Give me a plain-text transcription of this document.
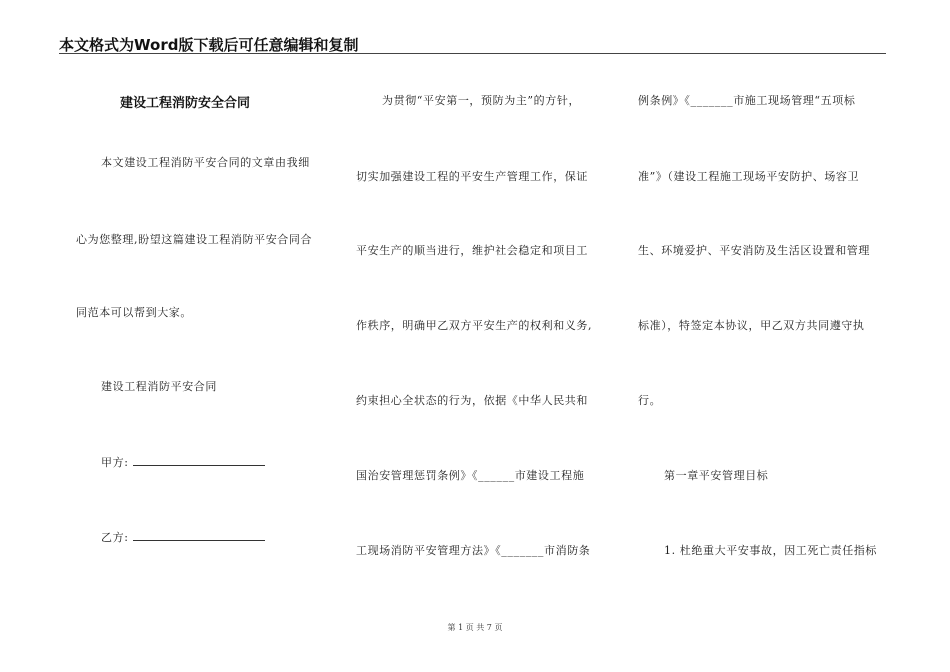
本文格式为Word版下载后可任意编辑和复制
建设工程消防安全合同
本文建设工程消防平安合同的文章由我细
心为您整理,盼望这篇建设工程消防平安合同合
同范本可以帮到大家。
建设工程消防平安合同
甲方:
乙方:
为贯彻“平安第一，预防为主”的方针，
切实加强建设工程的平安生产管理工作，保证
平安生产的顺当进行，维护社会稳定和项目工
作秩序，明确甲乙双方平安生产的权利和义务,
约束担心全状态的行为，依据《中华人民共和
国治安管理惩罚条例》《______市建设工程施
工现场消防平安管理方法》《_______市消防条
例条例》《_______市施工现场管理“五项标
准”》（建设工程施工现场平安防护、场容卫
生、环境爱护、平安消防及生活区设置和管理
标准），特签定本协议，甲乙双方共同遵守执
行。
第一章平安管理目标
1. 杜绝重大平安事故，因工死亡责任指标
第 1 页 共 7 页
